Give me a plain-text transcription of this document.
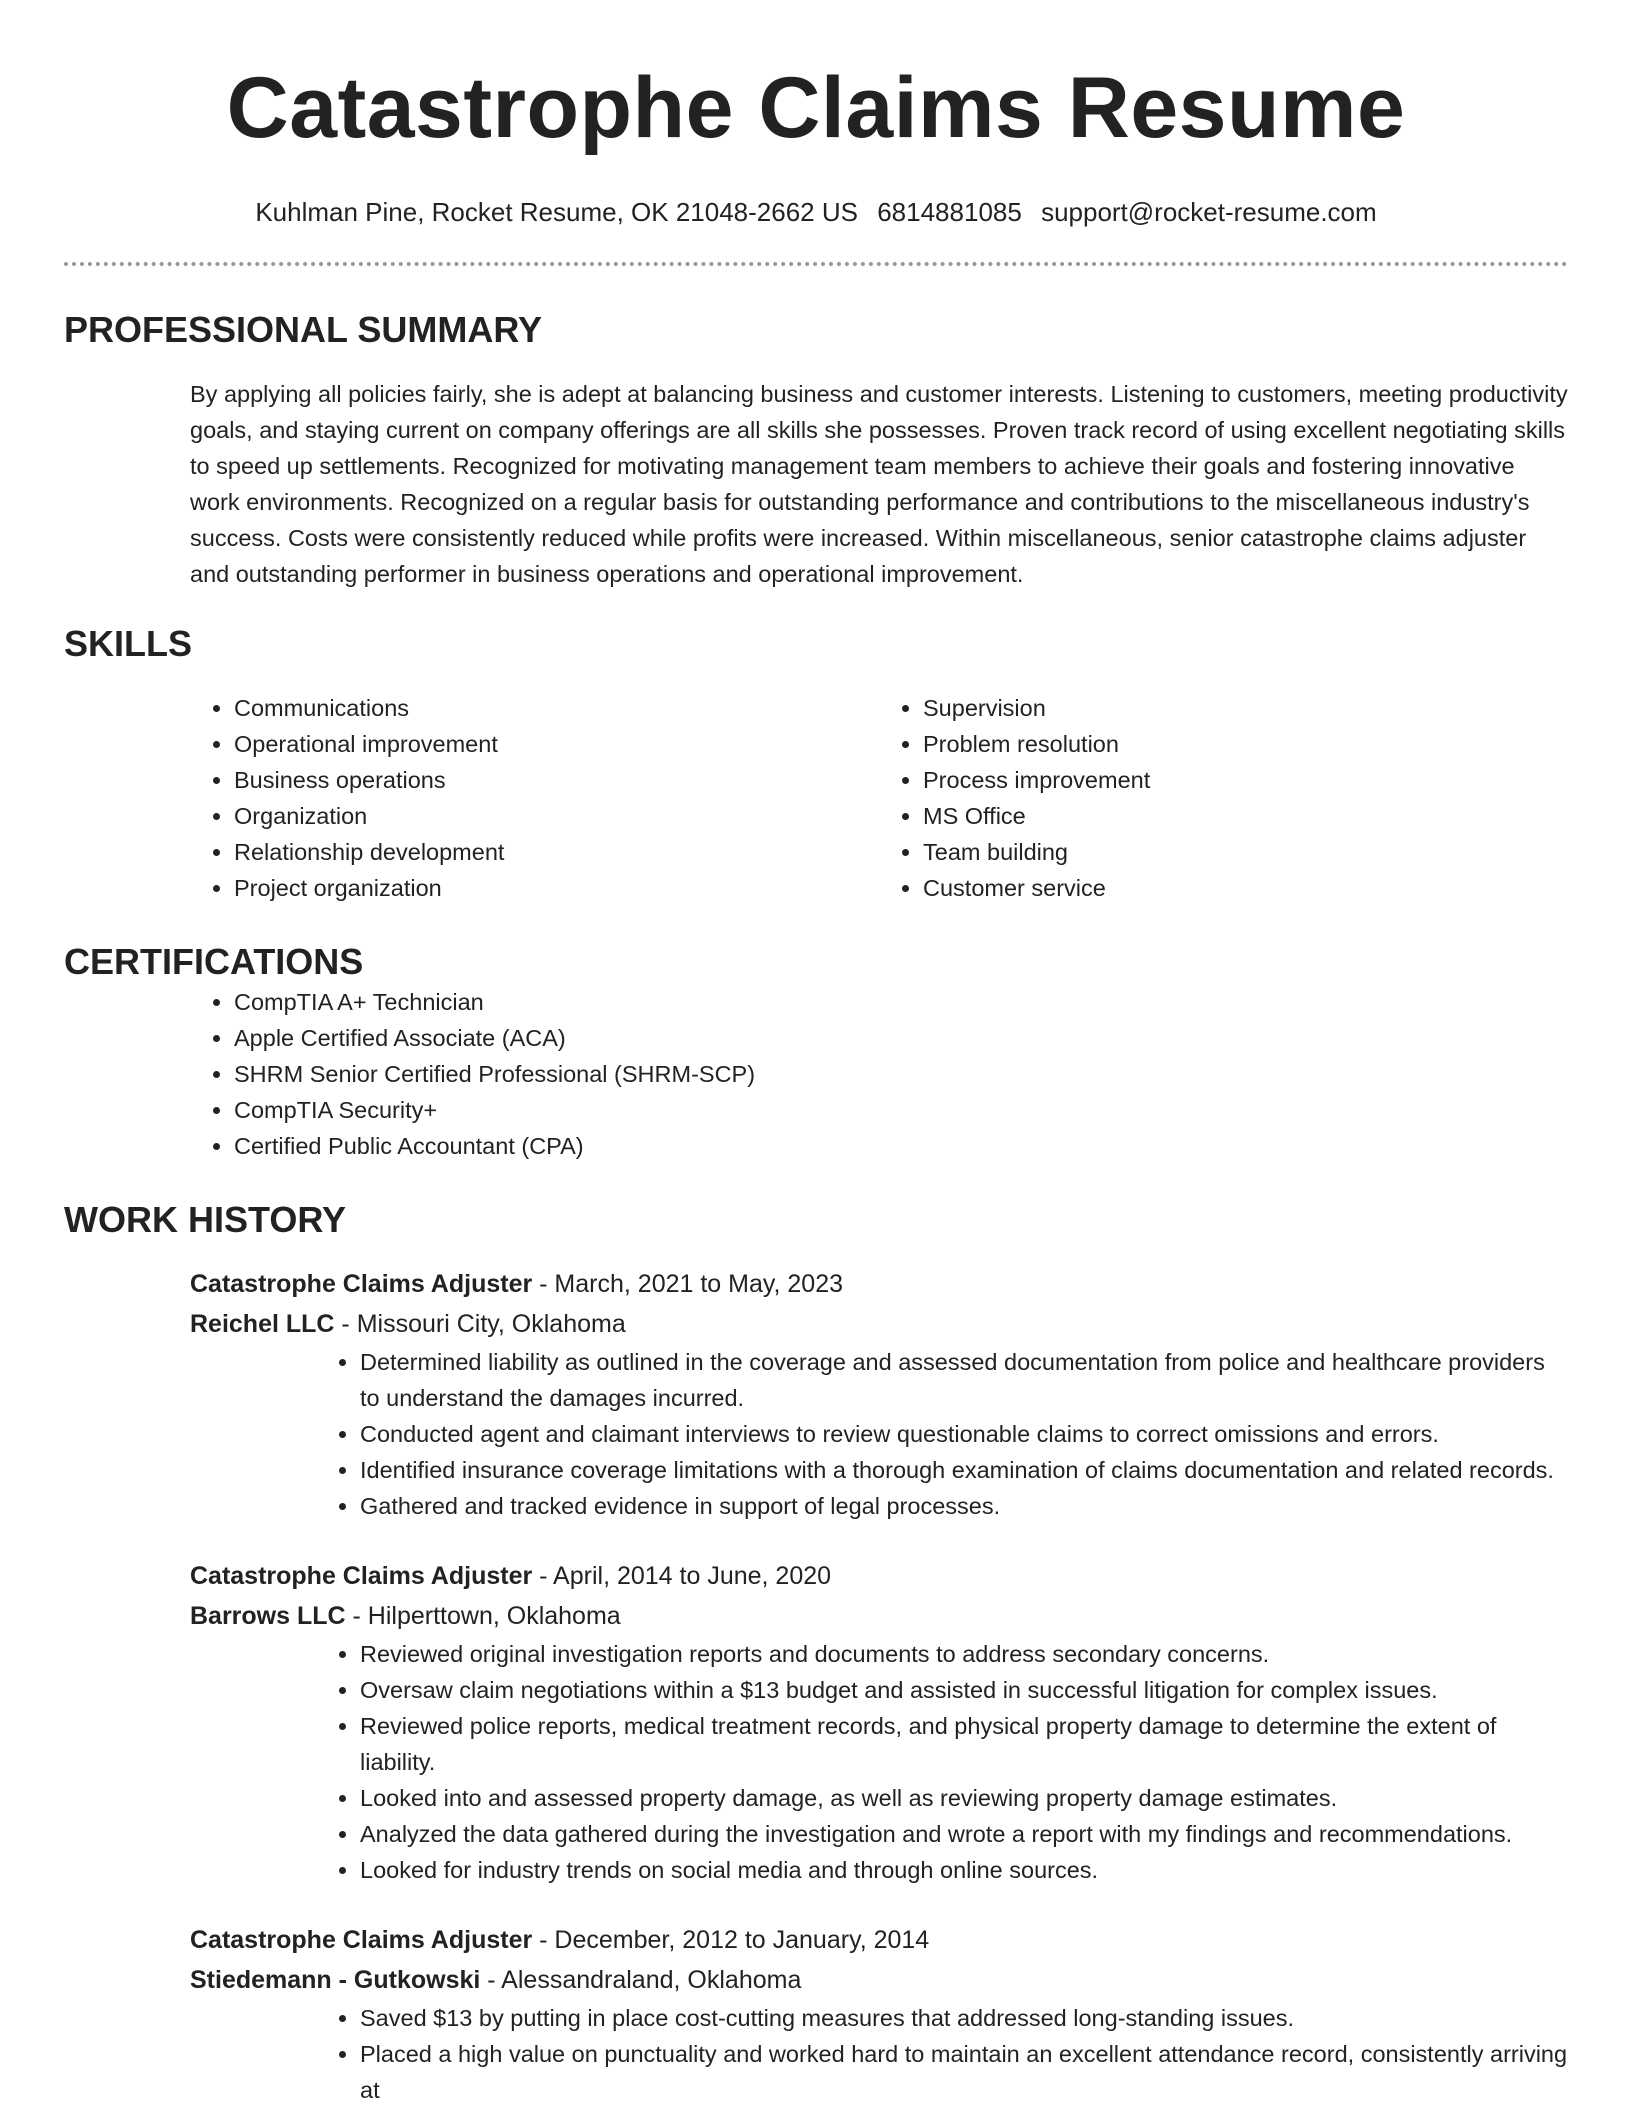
Catastrophe Claims Resume
Kuhlman Pine, Rocket Resume, OK 21048-2662 US 6814881085 support@rocket-resume.com
PROFESSIONAL SUMMARY

By applying all policies fairly, she is adept at balancing business and customer interests. Listening to customers, meeting productivity goals, and staying current on company offerings are all skills she possesses. Proven track record of using excellent negotiating skills to speed up settlements. Recognized for motivating management team members to achieve their goals and fostering innovative work environments. Recognized on a regular basis for outstanding performance and contributions to the miscellaneous industry's success. Costs were consistently reduced while profits were increased. Within miscellaneous, senior catastrophe claims adjuster and outstanding performer in business operations and operational improvement.

SKILLS
• Communications
• Operational improvement
• Business operations
• Organization
• Relationship development
• Project organization
• Supervision
• Problem resolution
• Process improvement
• MS Office
• Team building
• Customer service
CERTIFICATIONS
• CompTIA A+ Technician
• Apple Certified Associate (ACA)
• SHRM Senior Certified Professional (SHRM-SCP)
• CompTIA Security+
• Certified Public Accountant (CPA)
WORK HISTORY
Catastrophe Claims Adjuster - March, 2021 to May, 2023
Reichel LLC - Missouri City, Oklahoma
• Determined liability as outlined in the coverage and assessed documentation from police and healthcare providers to understand the damages incurred.
• Conducted agent and claimant interviews to review questionable claims to correct omissions and errors.
• Identified insurance coverage limitations with a thorough examination of claims documentation and related records.
• Gathered and tracked evidence in support of legal processes.
Catastrophe Claims Adjuster - April, 2014 to June, 2020
Barrows LLC - Hilperttown, Oklahoma
• Reviewed original investigation reports and documents to address secondary concerns.
• Oversaw claim negotiations within a $13 budget and assisted in successful litigation for complex issues.
• Reviewed police reports, medical treatment records, and physical property damage to determine the extent of liability.
• Looked into and assessed property damage, as well as reviewing property damage estimates.
• Analyzed the data gathered during the investigation and wrote a report with my findings and recommendations.
• Looked for industry trends on social media and through online sources.
Catastrophe Claims Adjuster - December, 2012 to January, 2014
Stiedemann - Gutkowski - Alessandraland, Oklahoma
• Saved $13 by putting in place cost-cutting measures that addressed long-standing issues.
• Placed a high value on punctuality and worked hard to maintain an excellent attendance record, consistently arriving at
